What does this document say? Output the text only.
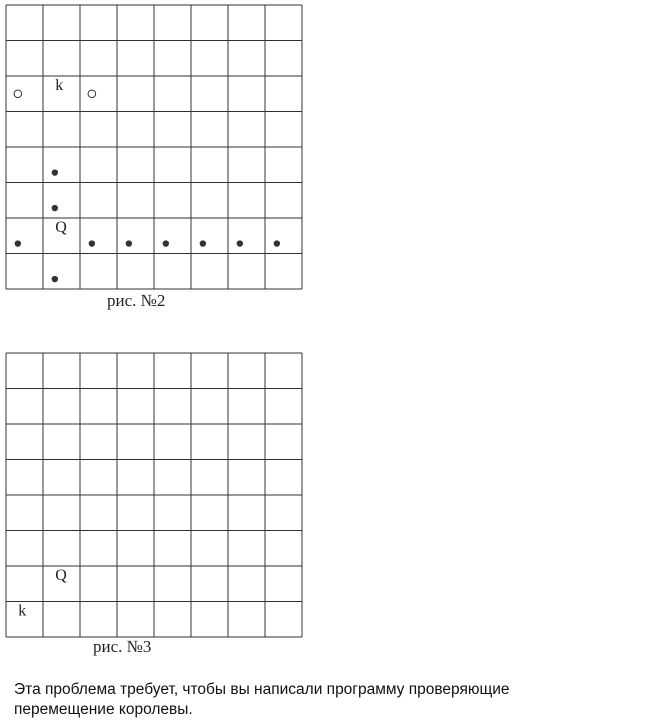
k
Q
рис. №2
Q
k
рис. №3
Эта проблема требует, чтобы вы написали программу проверяющие
перемещение королевы.
